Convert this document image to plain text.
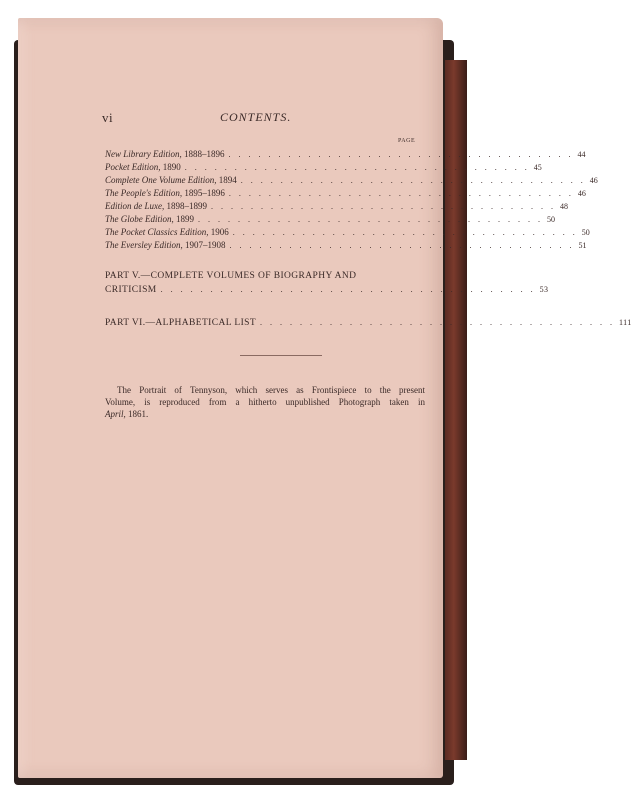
vi	CONTENTS.
PAGE
New Library Edition, 1888–1896 . . . . . . . . . . . . . . . . . . . . . . . . . . . . . . . . . . . 44
Pocket Edition, 1890 . . . . . . . . . . . . . . . . . . . . . . . . . . . . . . . . . . . 45
Complete One Volume Edition, 1894 . . . . . . . . . . . . . . . . . . . . . . . . . . . . . . . . . . . 46
The People's Edition, 1895–1896 . . . . . . . . . . . . . . . . . . . . . . . . . . . . . . . . . . . 46
Edition de Luxe, 1898–1899 . . . . . . . . . . . . . . . . . . . . . . . . . . . . . . . . . . . 48
The Globe Edition, 1899 . . . . . . . . . . . . . . . . . . . . . . . . . . . . . . . . . . . 50
The Pocket Classics Edition, 1906 . . . . . . . . . . . . . . . . . . . . . . . . . . . . . . . . . . . 50
The Eversley Edition, 1907–1908 . . . . . . . . . . . . . . . . . . . . . . . . . . . . . . . . . . . 51
PART V.—COMPLETE VOLUMES OF BIOGRAPHY AND
CRITICISM . . . . . . . . . . . . . . . . . . . . . . . . . . . . . . . . . . . . . . 53
PART VI.—ALPHABETICAL LIST . . . . . . . . . . . . . . . . . . . . . . . . . . . . . . . . . . . . 111
The Portrait of Tennyson, which serves as Frontispiece to the present
Volume, is reproduced from a hitherto unpublished Photograph taken in
April, 1861.
